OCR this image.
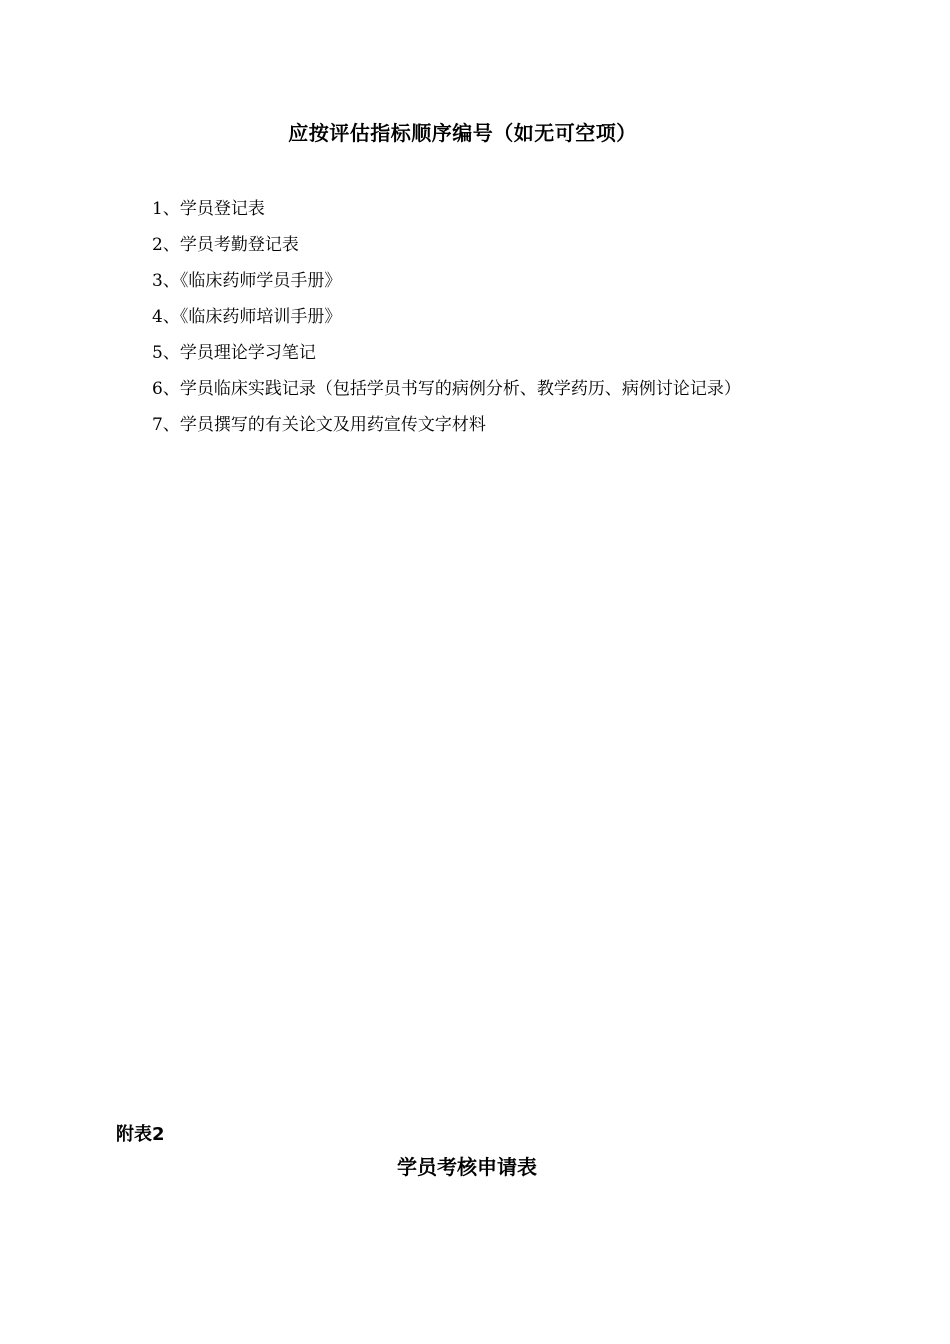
应按评估指标顺序编号（如无可空项）
1、学员登记表
2、学员考勤登记表
3、《临床药师学员手册》
4、《临床药师培训手册》
5、学员理论学习笔记
6、学员临床实践记录（包括学员书写的病例分析、教学药历、病例讨论记录）
7、学员撰写的有关论文及用药宣传文字材料
附表2
学员考核申请表
